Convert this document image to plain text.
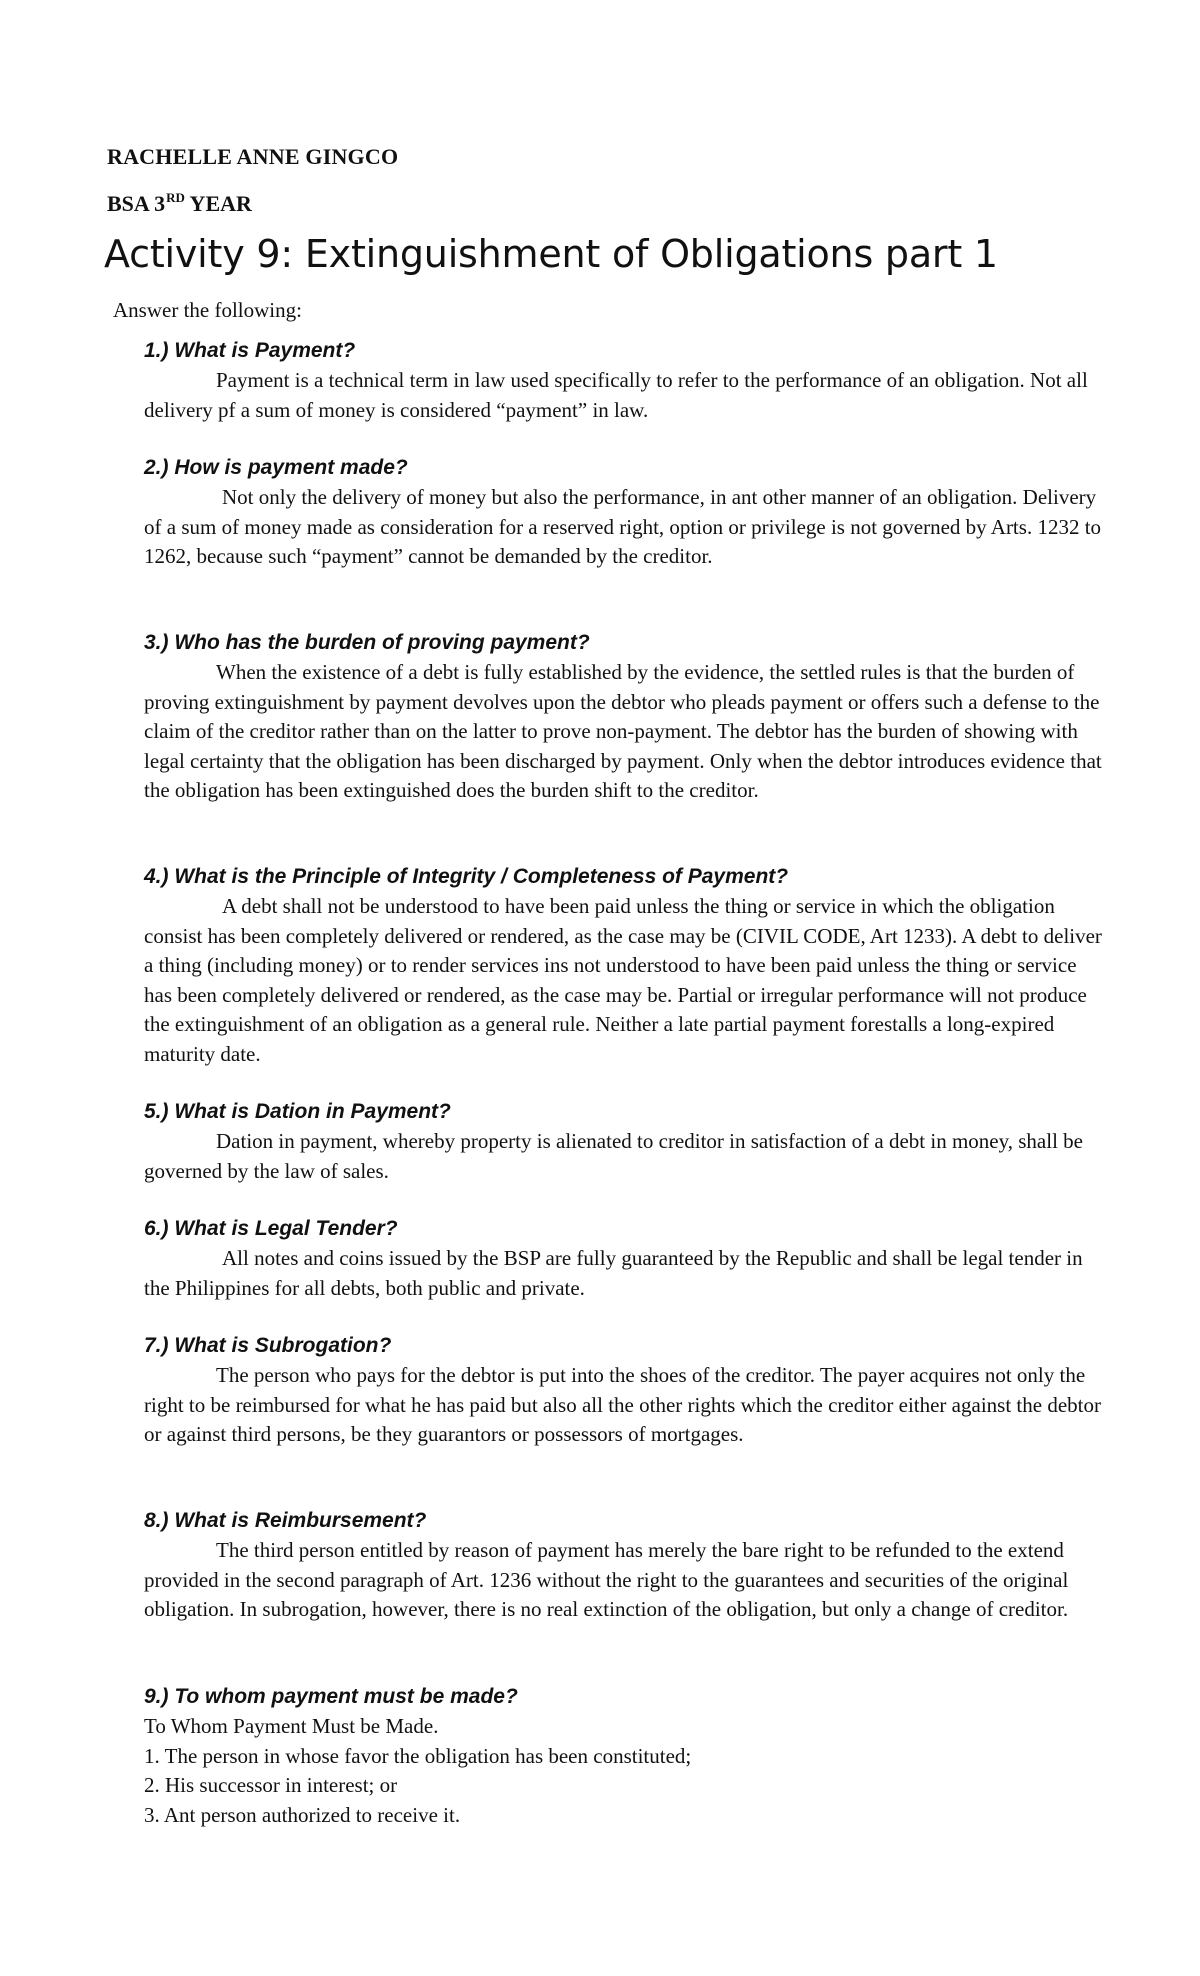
RACHELLE ANNE GINGCO
BSA 3RD YEAR
Activity 9: Extinguishment of Obligations part 1
Answer the following:
1.) What is Payment?

Payment is a technical term in law used specifically to refer to the performance of an obligation. Not all delivery pf a sum of money is considered “payment” in law.

2.) How is payment made?

Not only the delivery of money but also the performance, in ant other manner of an obligation. Delivery of a sum of money made as consideration for a reserved right, option or privilege is not governed by Arts. 1232 to 1262, because such “payment” cannot be demanded by the creditor.

3.) Who has the burden of proving payment?

When the existence of a debt is fully established by the evidence, the settled rules is that the burden of proving extinguishment by payment devolves upon the debtor who pleads payment or offers such a defense to the claim of the creditor rather than on the latter to prove non-payment. The debtor has the burden of showing with legal certainty that the obligation has been discharged by payment. Only when the debtor introduces evidence that the obligation has been extinguished does the burden shift to the creditor.

4.) What is the Principle of Integrity / Completeness of Payment?

A debt shall not be understood to have been paid unless the thing or service in which the obligation consist has been completely delivered or rendered, as the case may be (CIVIL CODE, Art 1233). A debt to deliver a thing (including money) or to render services ins not understood to have been paid unless the thing or service has been completely delivered or rendered, as the case may be. Partial or irregular performance will not produce the extinguishment of an obligation as a general rule. Neither a late partial payment forestalls a long-expired maturity date.

5.) What is Dation in Payment?

Dation in payment, whereby property is alienated to creditor in satisfaction of a debt in money, shall be governed by the law of sales.

6.) What is Legal Tender?

All notes and coins issued by the BSP are fully guaranteed by the Republic and shall be legal tender in the Philippines for all debts, both public and private.

7.) What is Subrogation?

The person who pays for the debtor is put into the shoes of the creditor. The payer acquires not only the right to be reimbursed for what he has paid but also all the other rights which the creditor either against the debtor or against third persons, be they guarantors or possessors of mortgages.

8.) What is Reimbursement?

The third person entitled by reason of payment has merely the bare right to be refunded to the extend provided in the second paragraph of Art. 1236 without the right to the guarantees and securities of the original obligation. In subrogation, however, there is no real extinction of the obligation, but only a change of creditor.

9.) To whom payment must be made?
To Whom Payment Must be Made.
1. The person in whose favor the obligation has been constituted;
2. His successor in interest; or
3. Ant person authorized to receive it.
